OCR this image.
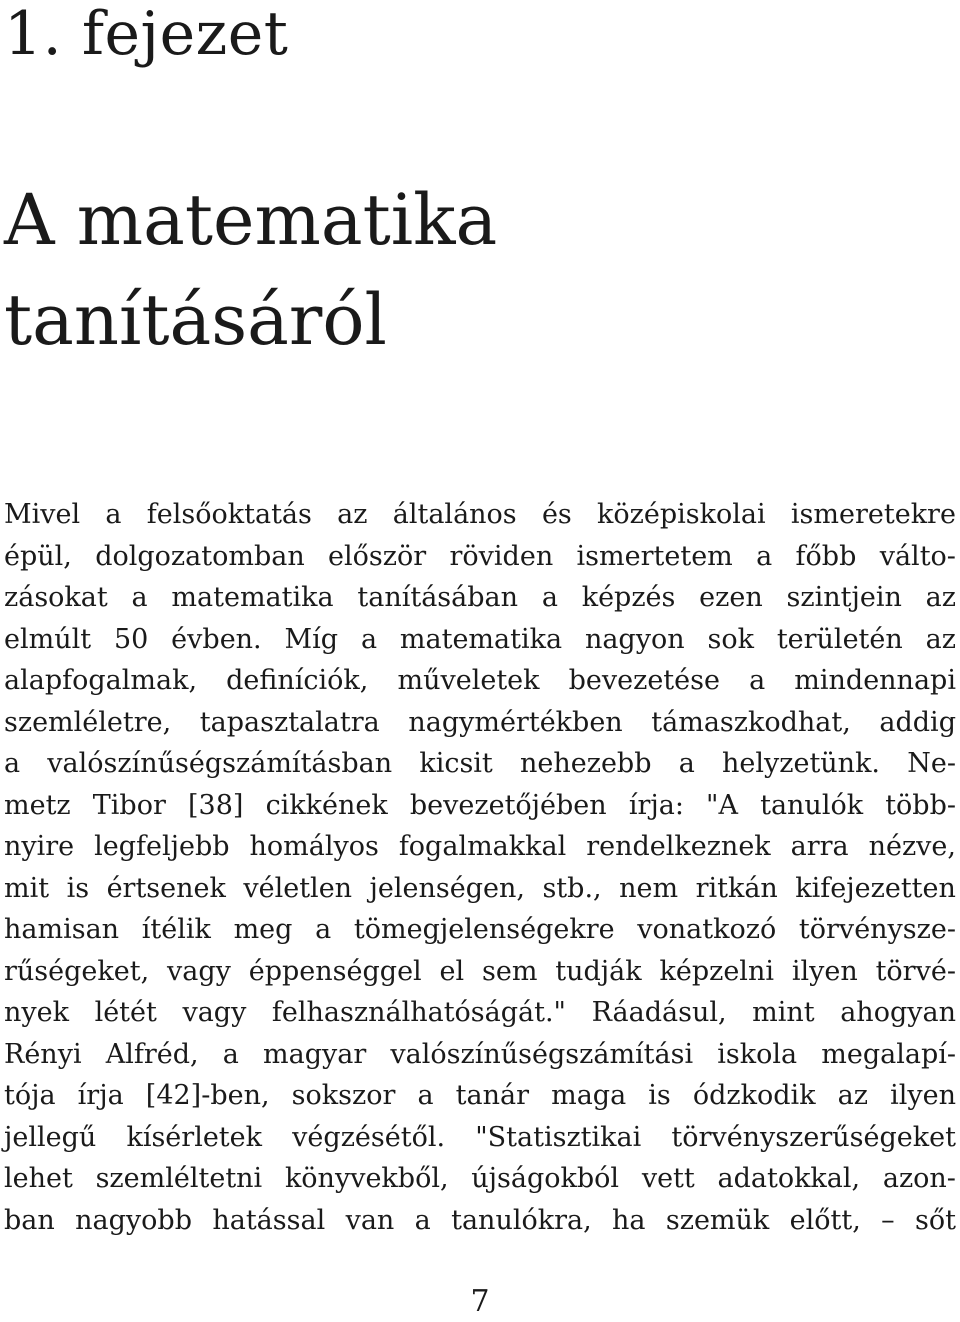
1. fejezet
A matematika
tanításáról
Mivel a felsőoktatás az általános és középiskolai ismeretekre
épül, dolgozatomban először röviden ismertetem a főbb válto-
zásokat a matematika tanításában a képzés ezen szintjein az
elmúlt 50 évben. Míg a matematika nagyon sok területén az
alapfogalmak, definíciók, műveletek bevezetése a mindennapi
szemléletre, tapasztalatra nagymértékben támaszkodhat, addig
a valószínűségszámításban kicsit nehezebb a helyzetünk. Ne-
metz Tibor [38] cikkének bevezetőjében írja: "A tanulók több-
nyire legfeljebb homályos fogalmakkal rendelkeznek arra nézve,
mit is értsenek véletlen jelenségen, stb., nem ritkán kifejezetten
hamisan ítélik meg a tömegjelenségekre vonatkozó törvénysze-
rűségeket, vagy éppenséggel el sem tudják képzelni ilyen törvé-
nyek létét vagy felhasználhatóságát." Ráadásul, mint ahogyan
Rényi Alfréd, a magyar valószínűségszámítási iskola megalapí-
tója írja [42]-ben, sokszor a tanár maga is ódzkodik az ilyen
jellegű kísérletek végzésétől. "Statisztikai törvényszerűségeket
lehet szemléltetni könyvekből, újságokból vett adatokkal, azon-
ban nagyobb hatással van a tanulókra, ha szemük előtt, – sőt
7
